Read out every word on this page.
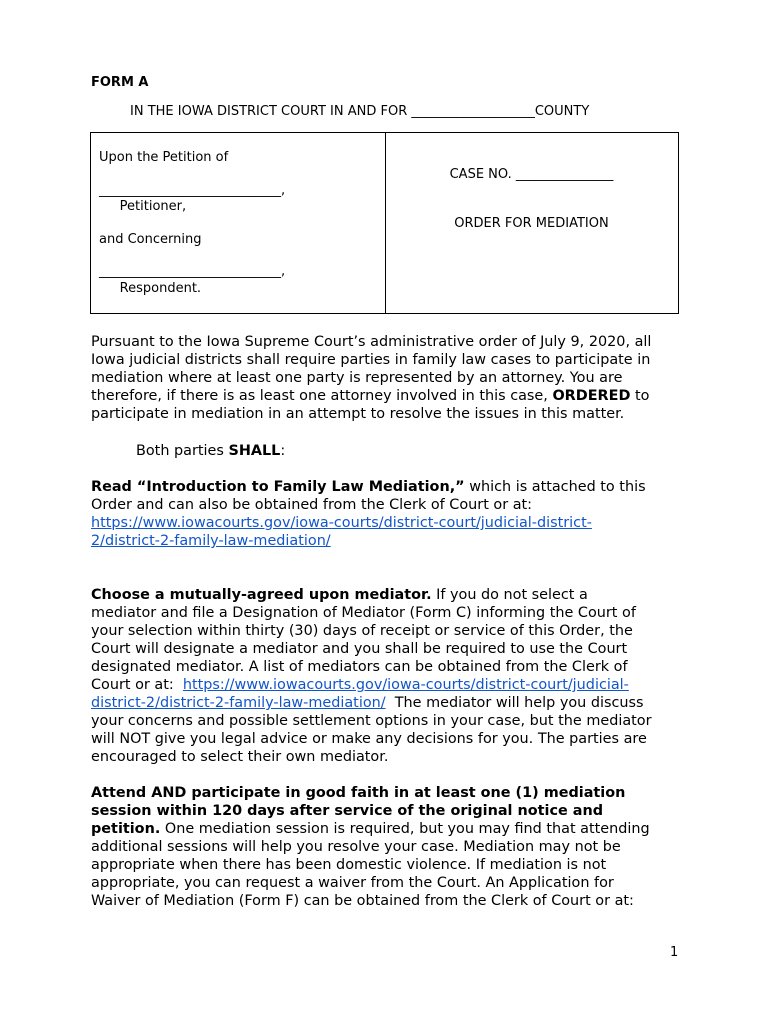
FORM A
IN THE IOWA DISTRICT COURT IN AND FOR ___________________COUNTY
Upon the Petition of
____________________________,
Petitioner,
and Concerning
____________________________,
Respondent.
CASE NO. _______________
ORDER FOR MEDIATION
Pursuant to the Iowa Supreme Court’s administrative order of July 9, 2020, all
Iowa judicial districts shall require parties in family law cases to participate in
mediation where at least one party is represented by an attorney. You are
therefore, if there is as least one attorney involved in this case, ORDERED to
participate in mediation in an attempt to resolve the issues in this matter.
Both parties SHALL:
Read “Introduction to Family Law Mediation,” which is attached to this
Order and can also be obtained from the Clerk of Court or at:
https://www.iowacourts.gov/iowa-courts/district-court/judicial-district-
2/district-2-family-law-mediation/
Choose a mutually-agreed upon mediator. If you do not select a
mediator and file a Designation of Mediator (Form C) informing the Court of
your selection within thirty (30) days of receipt or service of this Order, the
Court will designate a mediator and you shall be required to use the Court
designated mediator. A list of mediators can be obtained from the Clerk of
Court or at:  https://www.iowacourts.gov/iowa-courts/district-court/judicial-
district-2/district-2-family-law-mediation/  The mediator will help you discuss
your concerns and possible settlement options in your case, but the mediator
will NOT give you legal advice or make any decisions for you. The parties are
encouraged to select their own mediator.
Attend AND participate in good faith in at least one (1) mediation
session within 120 days after service of the original notice and
petition. One mediation session is required, but you may find that attending
additional sessions will help you resolve your case. Mediation may not be
appropriate when there has been domestic violence. If mediation is not
appropriate, you can request a waiver from the Court. An Application for
Waiver of Mediation (Form F) can be obtained from the Clerk of Court or at:
1
